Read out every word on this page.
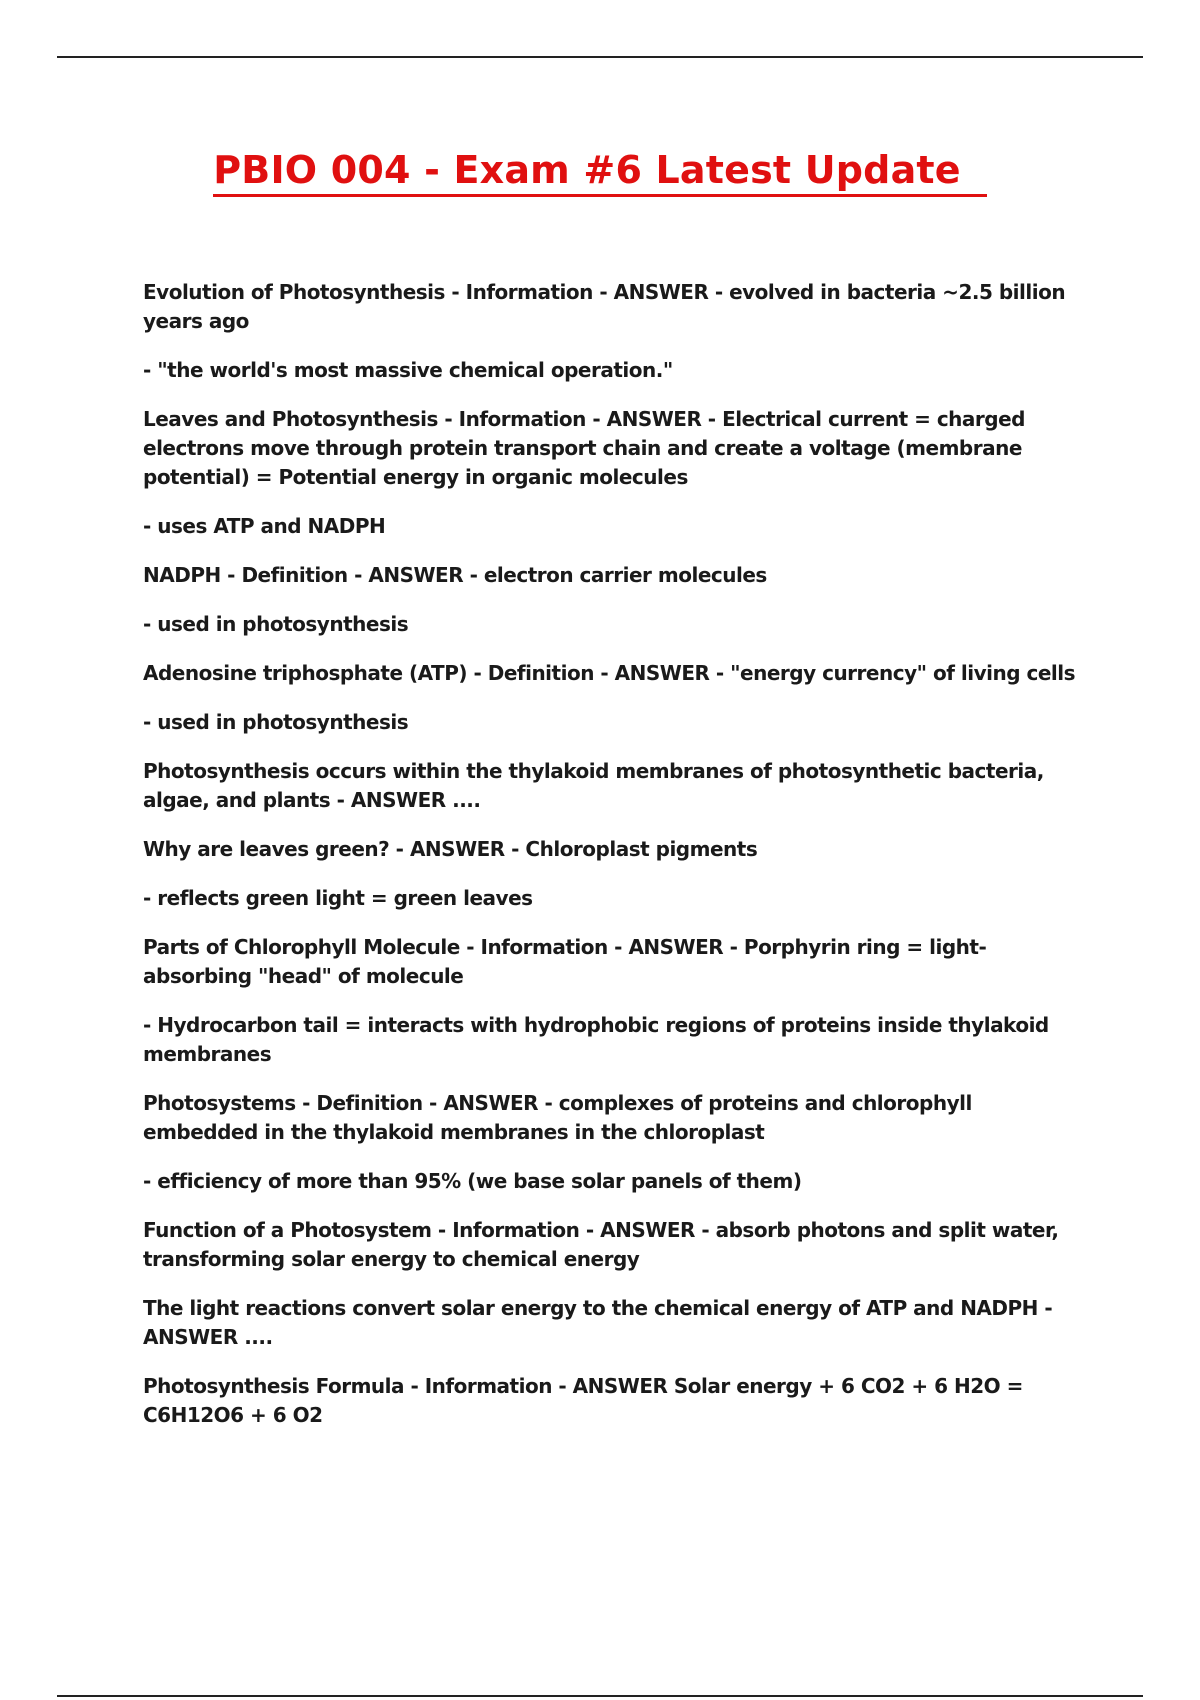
PBIO 004 - Exam #6 Latest Update

Evolution of Photosynthesis - Information - ANSWER - evolved in bacteria ~2.5 billion years ago

- "the world's most massive chemical operation."

Leaves and Photosynthesis - Information - ANSWER - Electrical current = charged electrons move through protein transport chain and create a voltage (membrane potential) = Potential energy in organic molecules

- uses ATP and NADPH

NADPH - Definition - ANSWER - electron carrier molecules

- used in photosynthesis

Adenosine triphosphate (ATP) - Definition - ANSWER - "energy currency" of living cells

- used in photosynthesis

Photosynthesis occurs within the thylakoid membranes of photosynthetic bacteria, algae, and plants - ANSWER ....

Why are leaves green? - ANSWER - Chloroplast pigments

- reflects green light = green leaves

Parts of Chlorophyll Molecule - Information - ANSWER - Porphyrin ring = light-absorbing "head" of molecule

- Hydrocarbon tail = interacts with hydrophobic regions of proteins inside thylakoid membranes

Photosystems - Definition - ANSWER - complexes of proteins and chlorophyll embedded in the thylakoid membranes in the chloroplast

- efficiency of more than 95% (we base solar panels of them)

Function of a Photosystem - Information - ANSWER - absorb photons and split water, transforming solar energy to chemical energy

The light reactions convert solar energy to the chemical energy of ATP and NADPH - ANSWER ....

Photosynthesis Formula - Information - ANSWER Solar energy + 6 CO2 + 6 H2O = C6H12O6 + 6 O2
